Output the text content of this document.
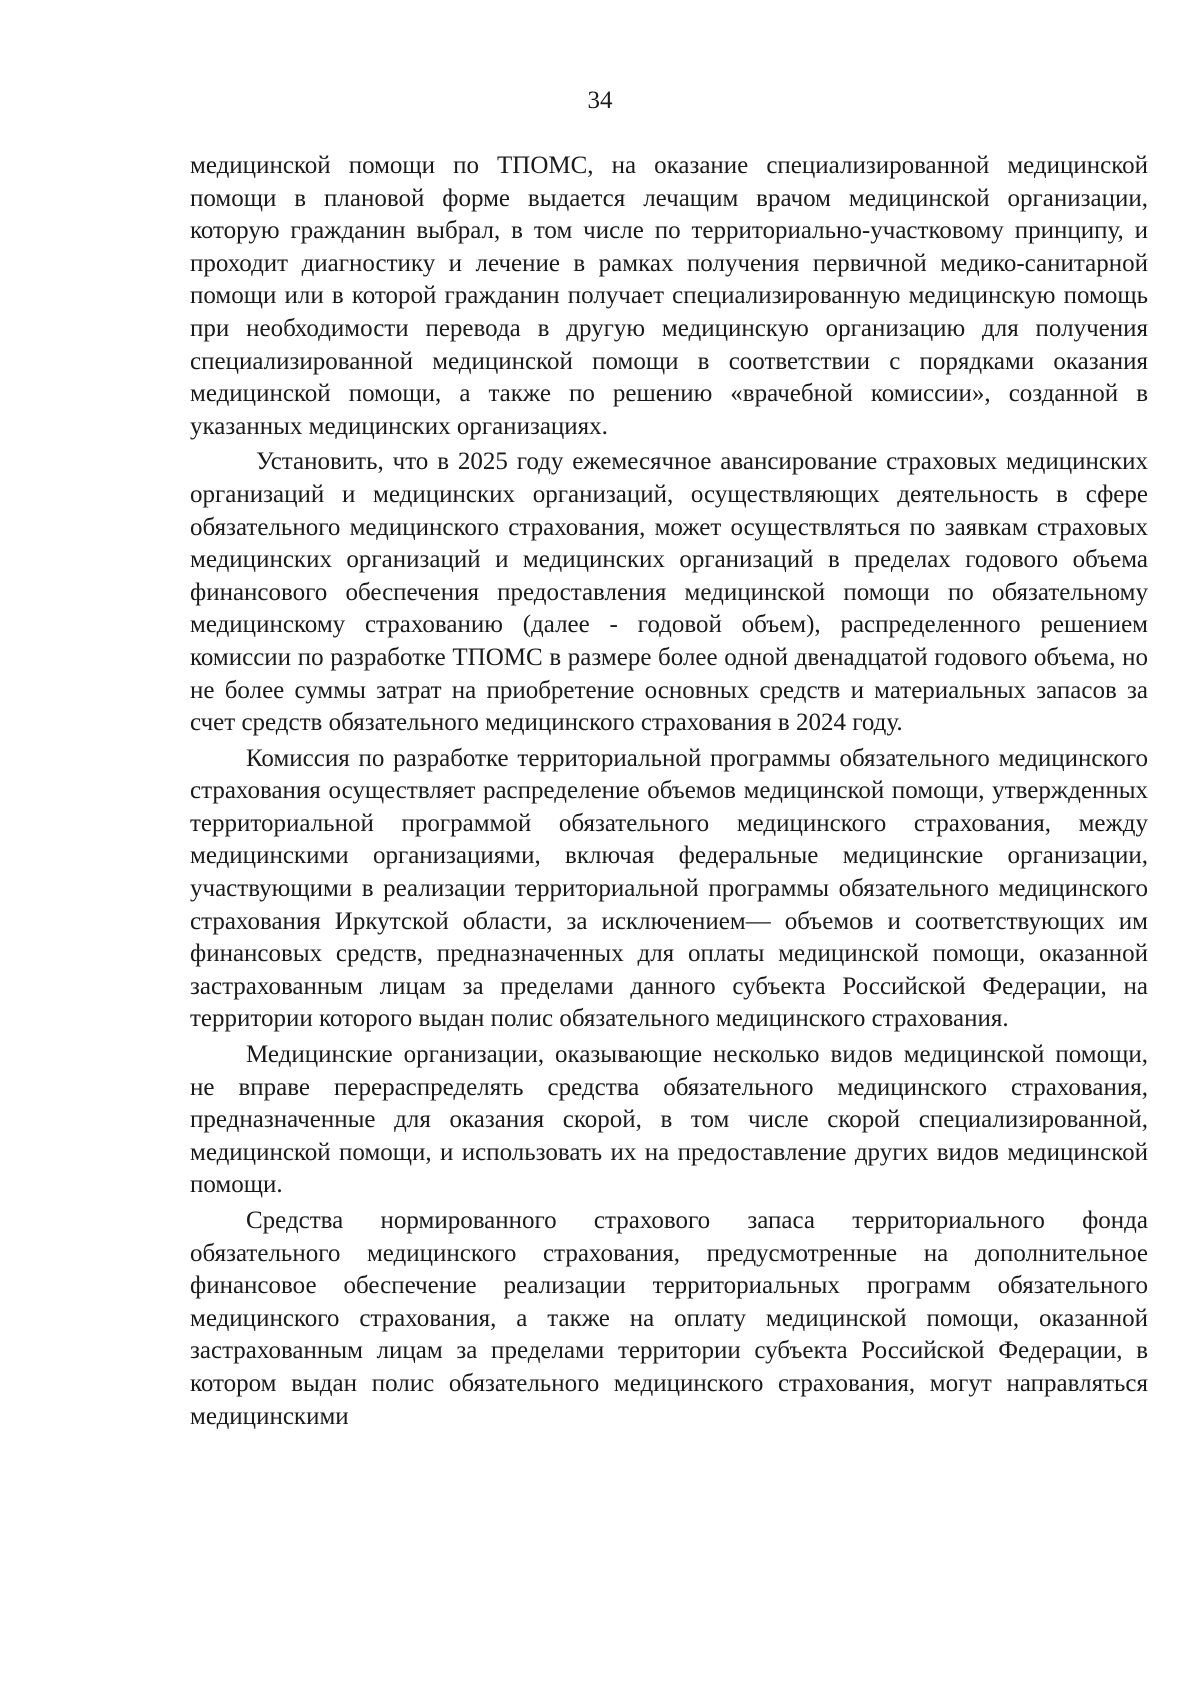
34

медицинской помощи по ТПОМС, на оказание специализированной медицинской помощи в плановой форме выдается лечащим врачом медицинской организации, которую гражданин выбрал, в том числе по территориально-участковому принципу, и проходит диагностику и лечение в рамках получения первичной медико-санитарной помощи или в которой гражданин получает специализированную медицинскую помощь при необходимости перевода в другую медицинскую организацию для получения специализированной медицинской помощи в соответствии с порядками оказания медицинской помощи, а также по решению «врачебной комиссии», созданной в указанных медицинских организациях.

Установить, что в 2025 году ежемесячное авансирование страховых медицинских организаций и медицинских организаций, осуществляющих деятельность в сфере обязательного медицинского страхования, может осуществляться по заявкам страховых медицинских организаций и медицинских организаций в пределах годового объема финансового обеспечения предоставления медицинской помощи по обязательному медицинскому страхованию (далее - годовой объем), распределенного решением комиссии по разработке ТПОМС в размере более одной двенадцатой годового объема, но не более суммы затрат на приобретение основных средств и материальных запасов за счет средств обязательного медицинского страхования в 2024 году.

Комиссия по разработке территориальной программы обязательного медицинского страхования осуществляет распределение объемов медицинской помощи, утвержденных территориальной программой обязательного медицинского страхования, между медицинскими организациями, включая федеральные медицинские организации, участвующими в реализации территориальной программы обязательного медицинского страхования Иркутской области, за исключением— объемов и соответствующих им финансовых средств, предназначенных для оплаты медицинской помощи, оказанной застрахованным лицам за пределами данного субъекта Российской Федерации, на территории которого выдан полис обязательного медицинского страхования.

Медицинские организации, оказывающие несколько видов медицинской помощи, не вправе перераспределять средства обязательного медицинского страхования, предназначенные для оказания скорой, в том числе скорой специализированной, медицинской помощи, и использовать их на предоставление других видов медицинской помощи.

Средства нормированного страхового запаса территориального фонда обязательного медицинского страхования, предусмотренные на дополнительное финансовое обеспечение реализации территориальных программ обязательного медицинского страхования, а также на оплату медицинской помощи, оказанной застрахованным лицам за пределами территории субъекта Российской Федерации, в котором выдан полис обязательного медицинского страхования, могут направляться медицинскими
